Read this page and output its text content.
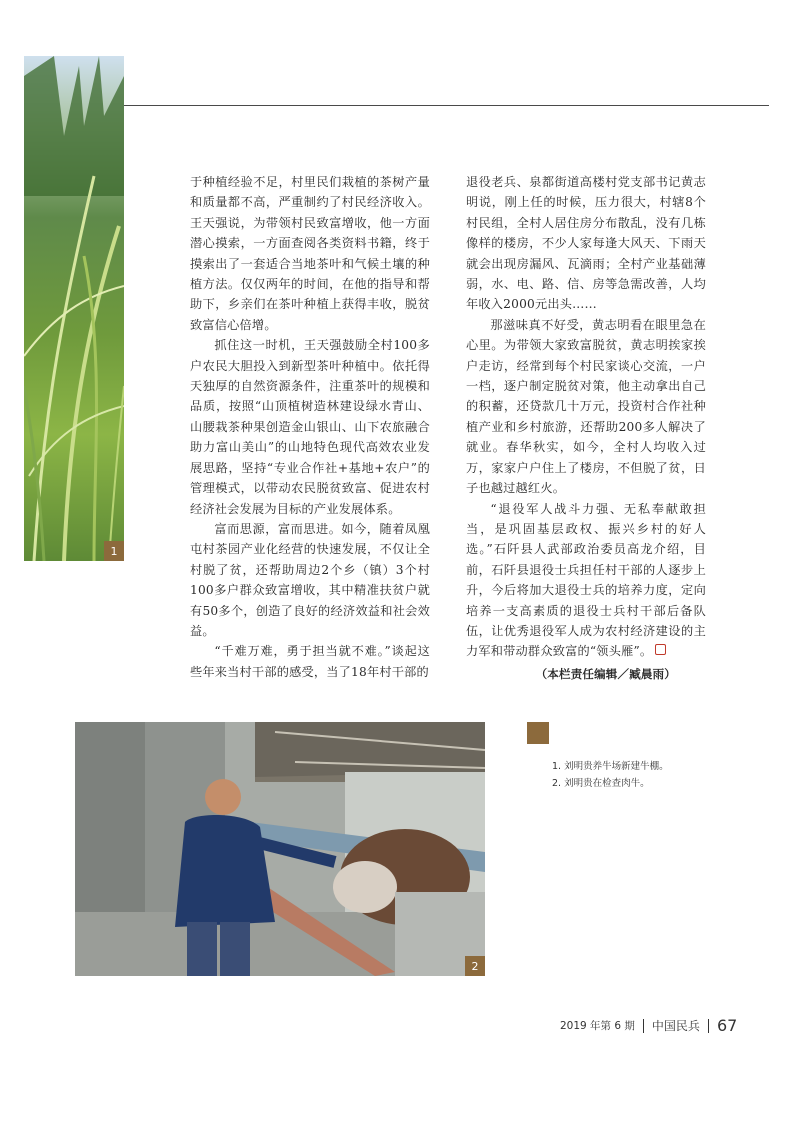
1

于种植经验不足，村里民们栽植的茶树产量和质量都不高，严重制约了村民经济收入。王天强说，为带领村民致富增收，他一方面潜心摸索，一方面查阅各类资料书籍，终于摸索出了一套适合当地茶叶和气候土壤的种植方法。仅仅两年的时间，在他的指导和帮助下，乡亲们在茶叶种植上获得丰收，脱贫致富信心倍增。

抓住这一时机，王天强鼓励全村100多户农民大胆投入到新型茶叶种植中。依托得天独厚的自然资源条件，注重茶叶的规模和品质，按照“山顶植树造林建设绿水青山、山腰栽茶种果创造金山银山、山下农旅融合助力富山美山”的山地特色现代高效农业发展思路，坚持“专业合作社+基地+农户”的管理模式，以带动农民脱贫致富、促进农村经济社会发展为目标的产业发展体系。

富而思源，富而思进。如今，随着凤凰屯村茶园产业化经营的快速发展，不仅让全村脱了贫，还帮助周边2个乡（镇）3个村100多户群众致富增收，其中精准扶贫户就有50多个，创造了良好的经济效益和社会效益。

“千难万难，勇于担当就不难。”谈起这些年来当村干部的感受，当了18年村干部的

退役老兵、泉都街道高楼村党支部书记黄志明说，刚上任的时候，压力很大，村辖8个村民组，全村人居住房分布散乱，没有几栋像样的楼房，不少人家每逢大风天、下雨天就会出现房漏风、瓦滴雨；全村产业基础薄弱，水、电、路、信、房等急需改善，人均年收入2000元出头……

那滋味真不好受，黄志明看在眼里急在心里。为带领大家致富脱贫，黄志明挨家挨户走访，经常到每个村民家谈心交流，一户一档，逐户制定脱贫对策，他主动拿出自己的积蓄，还贷款几十万元，投资村合作社种植产业和乡村旅游，还帮助200多人解决了就业。春华秋实，如今，全村人均收入过万，家家户户住上了楼房，不但脱了贫，日子也越过越红火。

“退役军人战斗力强、无私奉献敢担当，是巩固基层政权、振兴乡村的好人选。”石阡县人武部政治委员高龙介绍，目前，石阡县退役士兵担任村干部的人逐步上升，今后将加大退役士兵的培养力度，定向培养一支高素质的退役士兵村干部后备队伍，让优秀退役军人成为农村经济建设的主力军和带动群众致富的“领头雁”。

（本栏责任编辑／臧晨雨）
2
1. 刘明贵养牛场新建牛棚。
2. 刘明贵在检查肉牛。
2019 年第 6 期 中国民兵 67
